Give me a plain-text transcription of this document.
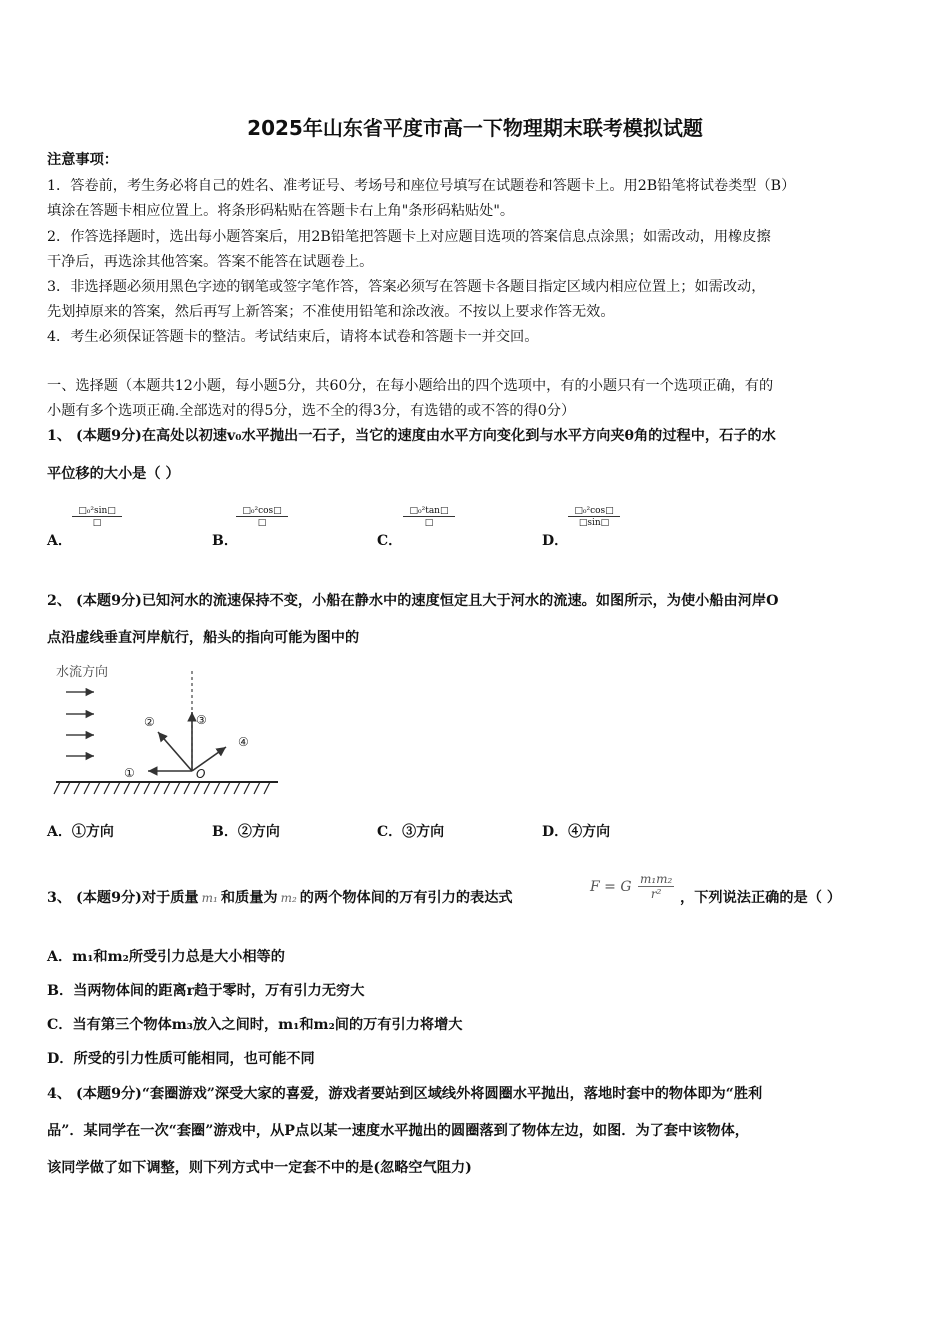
2025年山东省平度市高一下物理期末联考模拟试题
注意事项：
1．答卷前，考生务必将自己的姓名、准考证号、考场号和座位号填写在试题卷和答题卡上。用2B铅笔将试卷类型（B）
填涂在答题卡相应位置上。将条形码粘贴在答题卡右上角"条形码粘贴处"。
2．作答选择题时，选出每小题答案后，用2B铅笔把答题卡上对应题目选项的答案信息点涂黑；如需改动，用橡皮擦
干净后，再选涂其他答案。答案不能答在试题卷上。
3．非选择题必须用黑色字迹的钢笔或签字笔作答，答案必须写在答题卡各题目指定区域内相应位置上；如需改动，
先划掉原来的答案，然后再写上新答案；不准使用铅笔和涂改液。不按以上要求作答无效。
4．考生必须保证答题卡的整洁。考试结束后，请将本试卷和答题卡一并交回。
一、选择题（本题共12小题，每小题5分，共60分，在每小题给出的四个选项中，有的小题只有一个选项正确，有的
小题有多个选项正确.全部选对的得5分，选不全的得3分，有选错的或不答的得0分）
1、 (本题9分)在高处以初速v₀水平抛出一石子，当它的速度由水平方向变化到与水平方向夹θ角的过程中，石子的水
平位移的大小是（ ）
A．
□₀²sin□
□
B．
□₀²cos□
□
C．
□₀²tan□
□
D．
$\frac{\text{□₀²cos□}}{□\sin□}$
2、 (本题9分)已知河水的流速保持不变，小船在静水中的速度恒定且大于河水的流速。如图所示，为使小船由河岸O
点沿虚线垂直河岸航行，船头的指向可能为图中的
水流方向
①
②	③
④
O
A．①方向	B．②方向	C．③方向	D．④方向
3、 (本题9分)对于质量 m₁ 和质量为 m₂ 的两个物体间的万有引力的表达式
F = G $\frac{\text{m₁m₂}}{\text{r²}}$ ，下列说法正确的是（ ）
A．m₁和m₂所受引力总是大小相等的
B．当两物体间的距离r趋于零时，万有引力无穷大
C．当有第三个物体m₃放入之间时，m₁和m₂间的万有引力将增大
D．所受的引力性质可能相同，也可能不同
4、 (本题9分)“套圈游戏”深受大家的喜爱，游戏者要站到区域线外将圆圈水平抛出，落地时套中的物体即为“胜利
品”．某同学在一次“套圈”游戏中，从P点以某一速度水平抛出的圆圈落到了物体左边，如图．为了套中该物体，
该同学做了如下调整，则下列方式中一定套不中的是(忽略空气阻力)
